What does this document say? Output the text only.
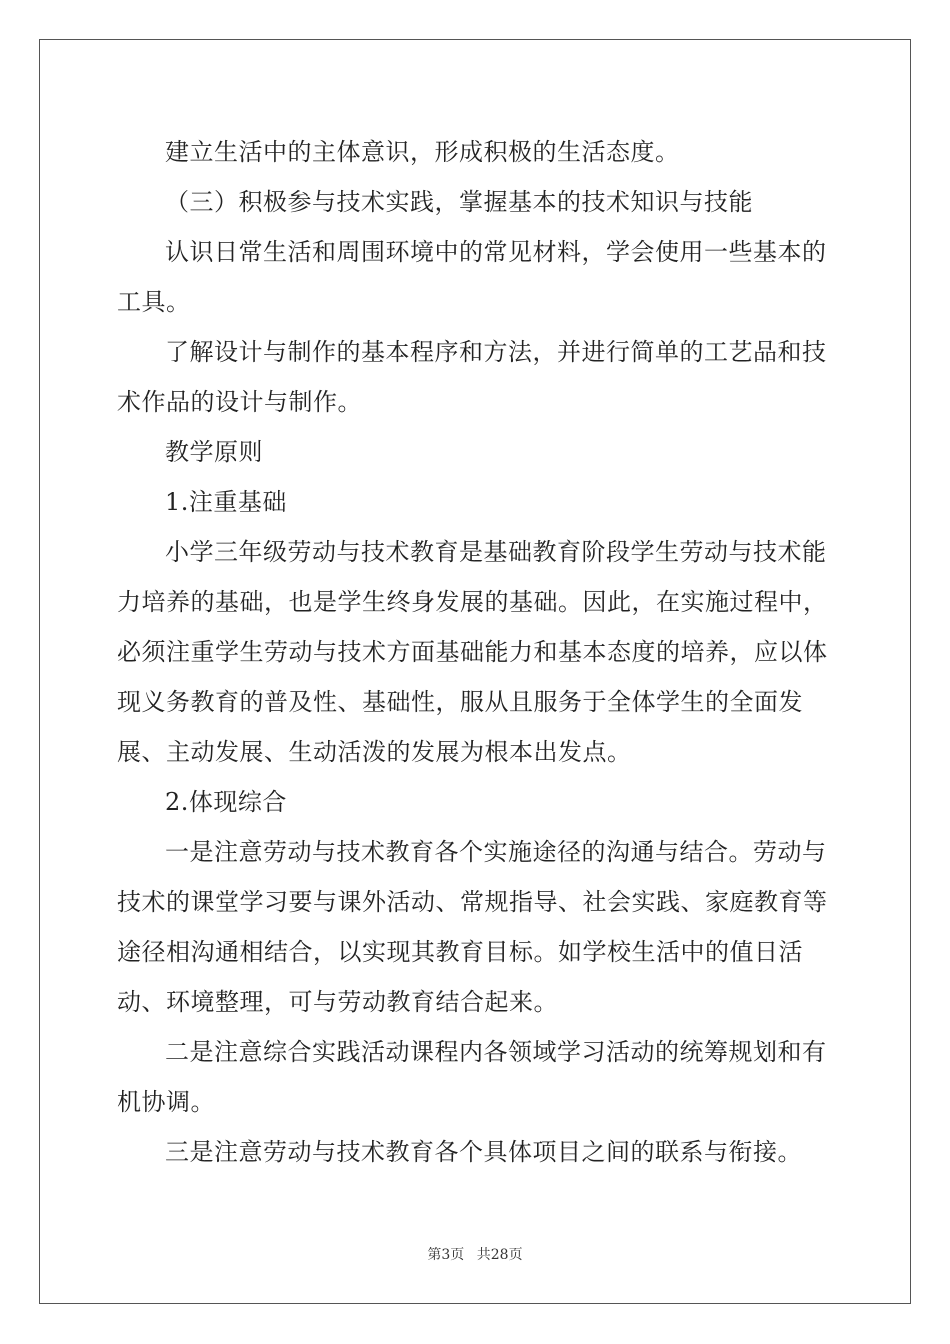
建立生活中的主体意识，形成积极的生活态度。

（三）积极参与技术实践，掌握基本的技术知识与技能

认识日常生活和周围环境中的常见材料，学会使用一些基本的工具。

了解设计与制作的基本程序和方法，并进行简单的工艺品和技术作品的设计与制作。

教学原则

1.注重基础

小学三年级劳动与技术教育是基础教育阶段学生劳动与技术能力培养的基础，也是学生终身发展的基础。因此，在实施过程中，必须注重学生劳动与技术方面基础能力和基本态度的培养，应以体现义务教育的普及性、基础性，服从且服务于全体学生的全面发展、主动发展、生动活泼的发展为根本出发点。

2.体现综合

一是注意劳动与技术教育各个实施途径的沟通与结合。劳动与技术的课堂学习要与课外活动、常规指导、社会实践、家庭教育等途径相沟通相结合，以实现其教育目标。如学校生活中的值日活动、环境整理，可与劳动教育结合起来。

二是注意综合实践活动课程内各领域学习活动的统筹规划和有机协调。

三是注意劳动与技术教育各个具体项目之间的联系与衔接。

第3页 共28页
